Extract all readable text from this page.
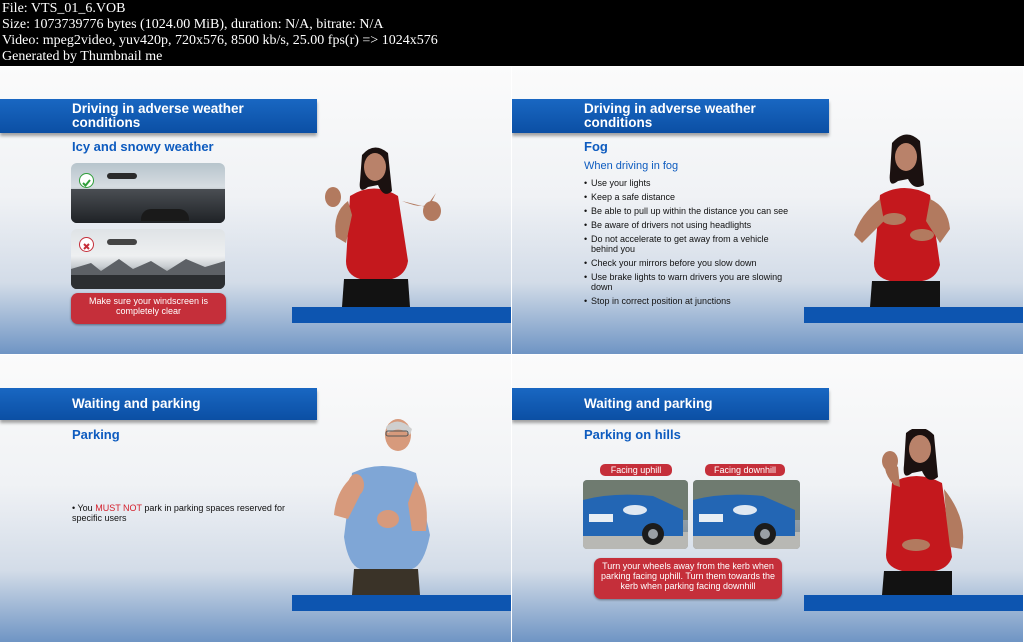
File: VTS_01_6.VOB
Size: 1073739776 bytes (1024.00 MiB), duration: N/A, bitrate: N/A
Video: mpeg2video, yuv420p, 720x576, 8500 kb/s, 25.00 fps(r) => 1024x576
Generated by Thumbnail me
Driving in adverse weather
conditions
Icy and snowy weather
Make sure your windscreen is completely clear
Driving in adverse weather
conditions
Fog
When driving in fog
• Use your lights
• Keep a safe distance
• Be able to pull up within the distance you can see
• Be aware of drivers not using headlights
• Do not accelerate to get away from a vehicle behind you
• Check your mirrors before you slow down
• Use brake lights to warn drivers you are slowing down
• Stop in correct position at junctions
Waiting and parking
Parking
• You MUST NOT park in parking spaces reserved for specific users
Waiting and parking
Parking on hills
Facing uphill	Facing downhill
Turn your wheels away from the kerb when parking facing uphill. Turn them towards the kerb when parking facing downhill
